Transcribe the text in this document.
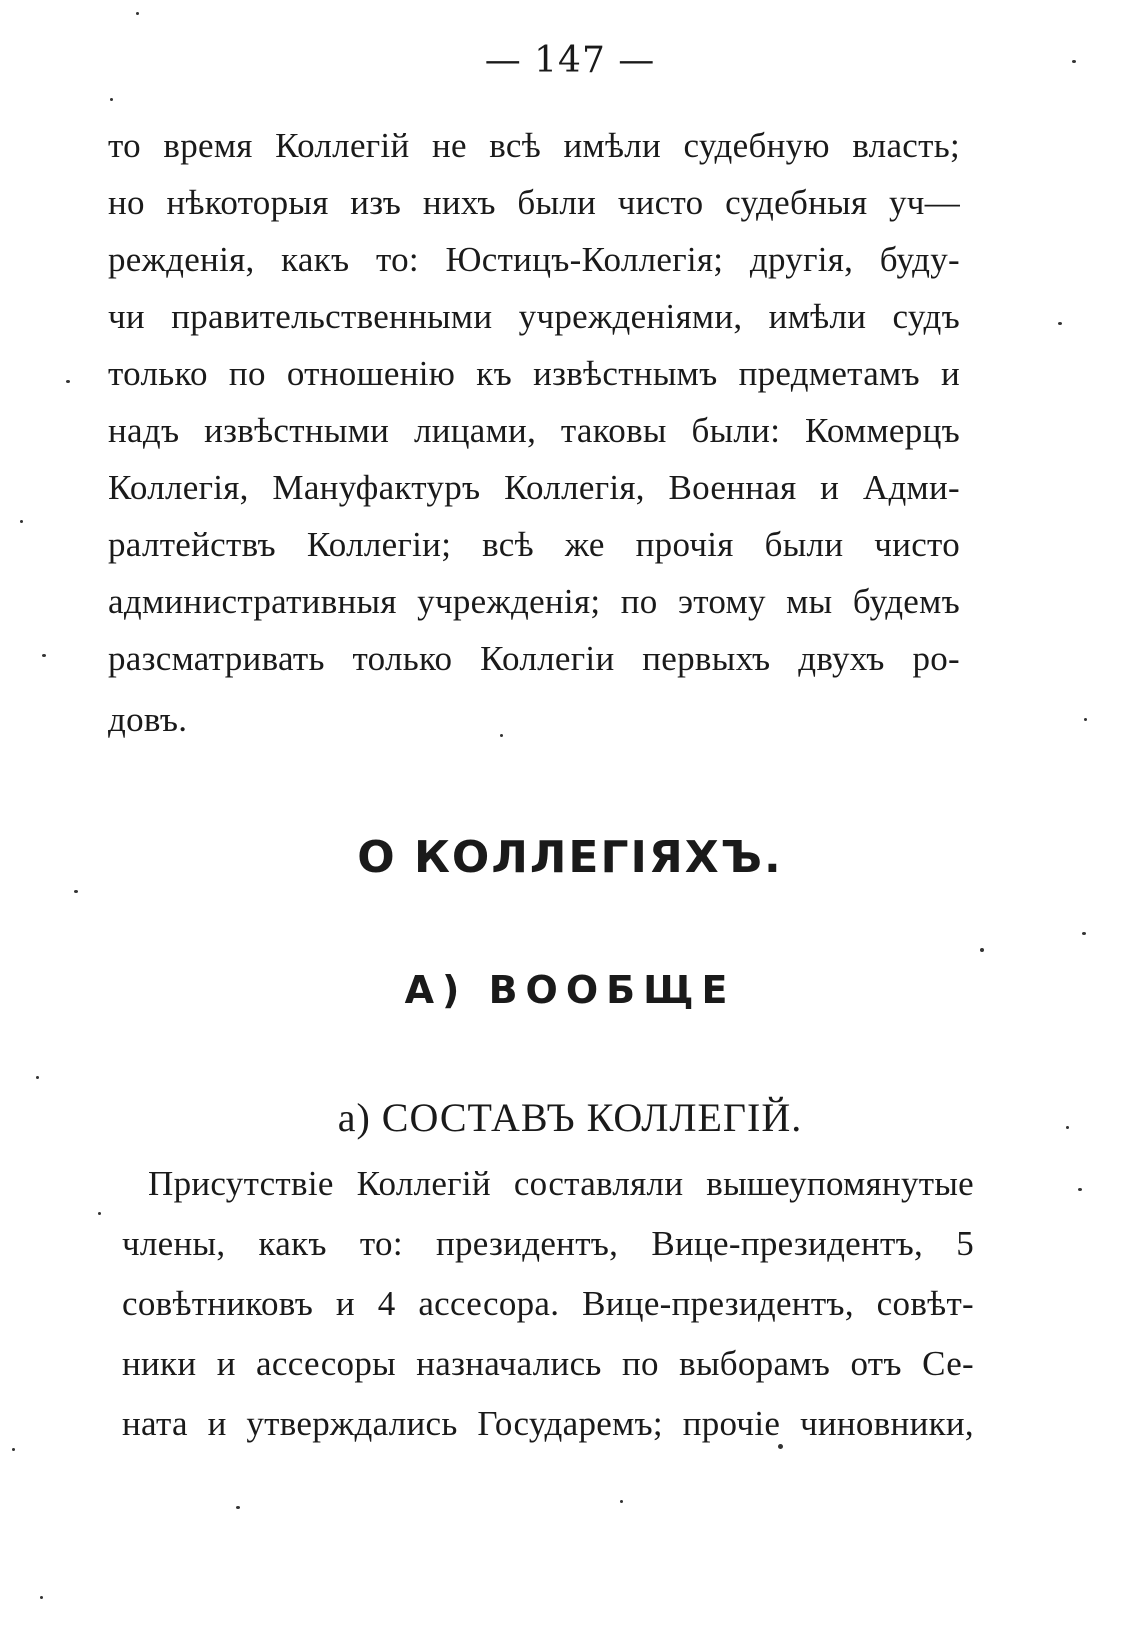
— 147 —
то время Коллегій не всѣ имѣли судебную власть;
но нѣкоторыя изъ нихъ были чисто судебныя уч—
режденія, какъ то: Юстицъ-Коллегія; другія, буду-
чи правительственными учрежденіями, имѣли судъ
только по отношенію къ извѣстнымъ предметамъ и
надъ извѣстными лицами, таковы были: Коммерцъ
Коллегія, Мануфактуръ Коллегія, Военная и Адми-
ралтействъ Коллегіи; всѣ же прочія были чисто
административныя учрежденія; по этому мы будемъ
разсматривать только Коллегіи первыхъ двухъ ро-
довъ.
О КОЛЛЕГІЯХЪ.
А) ВООБЩЕ
а) СОСТАВЪ КОЛЛЕГІЙ.
Присутствіе Коллегій составляли вышеупомянутые
члены, какъ то: президентъ, Вице-президентъ, 5
совѣтниковъ и 4 ассесора. Вице-президентъ, совѣт-
ники и ассесоры назначались по выборамъ отъ Се-
ната и утверждались Государемъ; прочіе чиновники,
